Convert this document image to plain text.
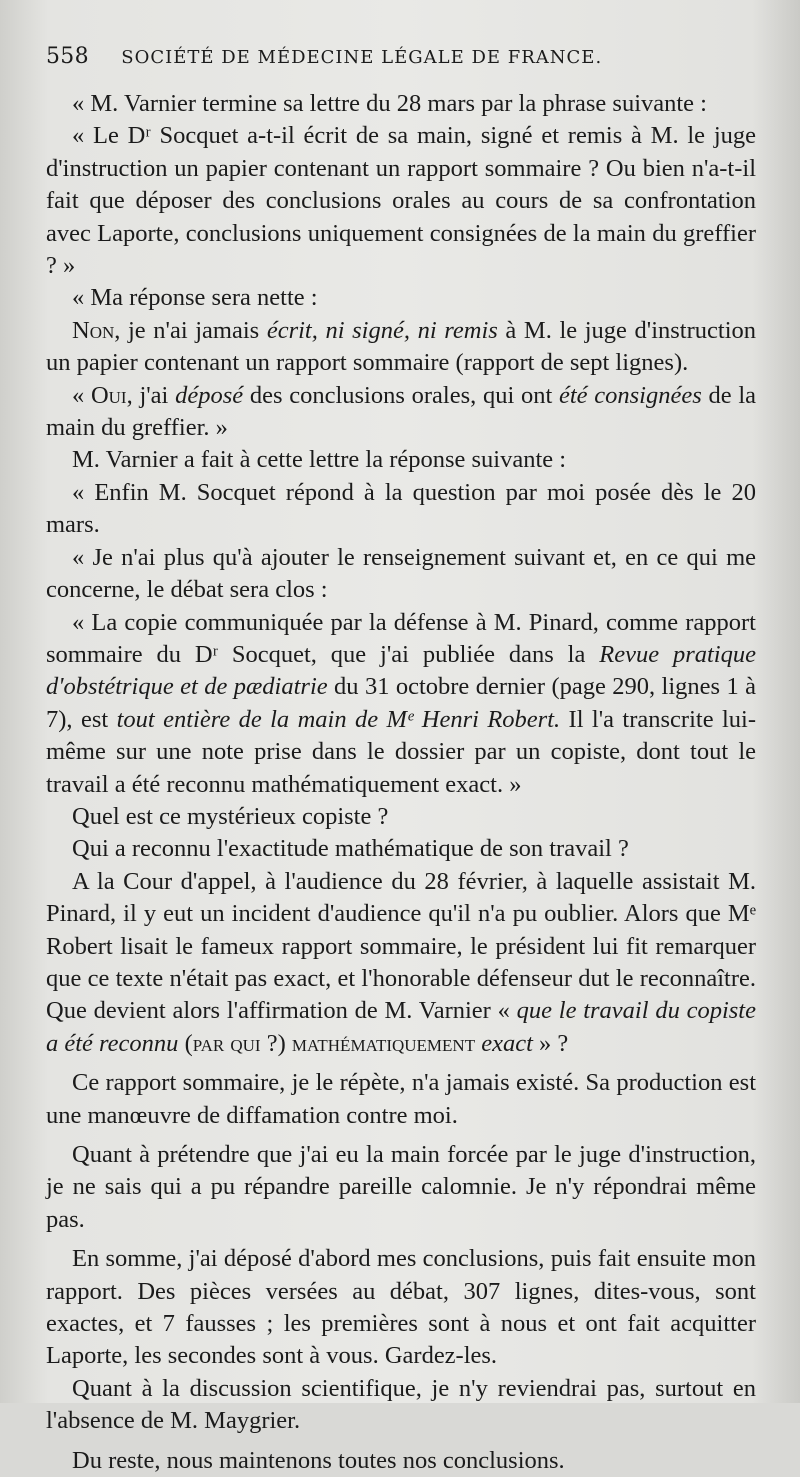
558 SOCIÉTÉ DE MÉDECINE LÉGALE DE FRANCE.

« M. Varnier termine sa lettre du 28 mars par la phrase suivante :

« Le Dʳ Socquet a-t-il écrit de sa main, signé et remis à M. le juge d'instruction un papier contenant un rapport sommaire ? Ou bien n'a-t-il fait que déposer des conclusions orales au cours de sa confrontation avec Laporte, conclusions uniquement consignées de la main du greffier ? »

« Ma réponse sera nette :

Non, je n'ai jamais écrit, ni signé, ni remis à M. le juge d'instruction un papier contenant un rapport sommaire (rapport de sept lignes).

« Oui, j'ai déposé des conclusions orales, qui ont été consignées de la main du greffier. »

M. Varnier a fait à cette lettre la réponse suivante :

« Enfin M. Socquet répond à la question par moi posée dès le 20 mars.

« Je n'ai plus qu'à ajouter le renseignement suivant et, en ce qui me concerne, le débat sera clos :

« La copie communiquée par la défense à M. Pinard, comme rapport sommaire du Dʳ Socquet, que j'ai publiée dans la Revue pratique d'obstétrique et de pædiatrie du 31 octobre dernier (page 290, lignes 1 à 7), est tout entière de la main de Mᵉ Henri Robert. Il l'a transcrite lui-même sur une note prise dans le dossier par un copiste, dont tout le travail a été reconnu mathématiquement exact. »

Quel est ce mystérieux copiste ?

Qui a reconnu l'exactitude mathématique de son travail ?

A la Cour d'appel, à l'audience du 28 février, à laquelle assistait M. Pinard, il y eut un incident d'audience qu'il n'a pu oublier. Alors que Mᵉ Robert lisait le fameux rapport sommaire, le président lui fit remarquer que ce texte n'était pas exact, et l'honorable défenseur dut le reconnaître. Que devient alors l'affirmation de M. Varnier « que le travail du copiste a été reconnu (par qui ?) mathématiquement exact » ?

Ce rapport sommaire, je le répète, n'a jamais existé. Sa production est une manœuvre de diffamation contre moi.

Quant à prétendre que j'ai eu la main forcée par le juge d'instruction, je ne sais qui a pu répandre pareille calomnie. Je n'y répondrai même pas.

En somme, j'ai déposé d'abord mes conclusions, puis fait ensuite mon rapport. Des pièces versées au débat, 307 lignes, dites-vous, sont exactes, et 7 fausses ; les premières sont à nous et ont fait acquitter Laporte, les secondes sont à vous. Gardez-les.

Quant à la discussion scientifique, je n'y reviendrai pas, surtout en l'absence de M. Maygrier.

Du reste, nous maintenons toutes nos conclusions.
